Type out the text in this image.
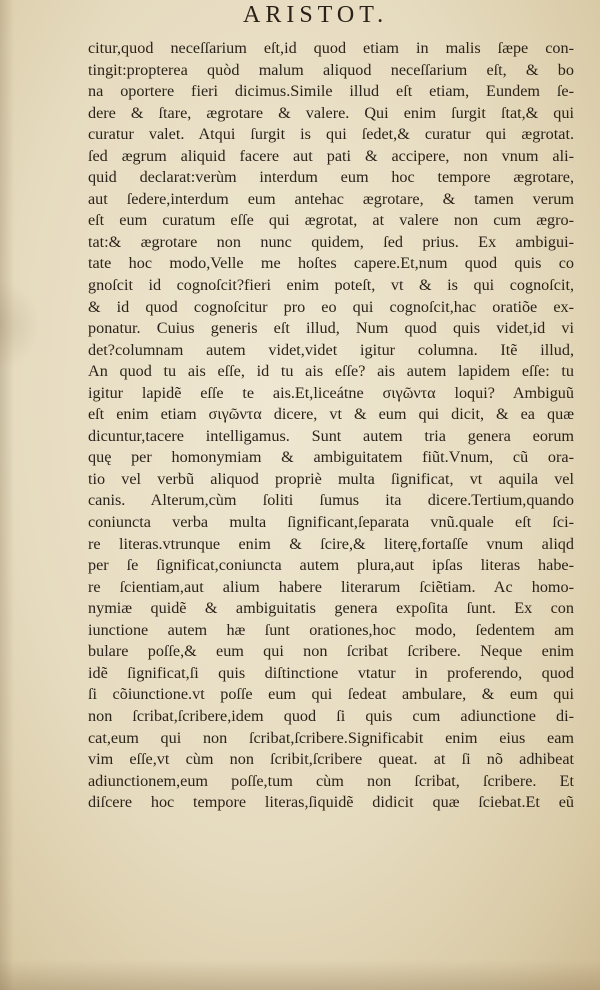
ARISTOT.
citur,quod neceſſarium eſt,id quod etiam in malis ſæpe con-
tingit:propterea quòd malum aliquod neceſſarium eſt, & bo
na oportere fieri dicimus.Simile illud eſt etiam, Eundem ſe-
dere & ſtare, ægrotare & valere. Qui enim ſurgit ſtat,& qui
curatur valet. Atqui ſurgit is qui ſedet,& curatur qui ægrotat.
ſed ægrum aliquid facere aut pati & accipere, non vnum ali-
quid declarat:verùm interdum eum hoc tempore ægrotare,
aut ſedere,interdum eum antehac ægrotare, & tamen verum
eſt eum curatum eſſe qui ægrotat, at valere non cum ægro-
tat:& ægrotare non nunc quidem, ſed prius. Ex ambigui-
tate hoc modo,Velle me hoſtes capere.Et,num quod quis co
gnoſcit id cognoſcit?fieri enim poteſt, vt & is qui cognoſcit,
& id quod cognoſcitur pro eo qui cognoſcit,hac oratiõe ex-
ponatur. Cuius generis eſt illud, Num quod quis videt,id vi
det?columnam autem videt,videt igitur columna. Itẽ illud,
An quod tu ais eſſe, id tu ais eſſe? ais autem lapidem eſſe: tu
igitur lapidẽ eſſe te ais.Et,liceátne σιγῶντα loqui? Ambiguũ
eſt enim etiam σιγῶντα dicere, vt & eum qui dicit, & ea quæ
dicuntur,tacere intelligamus. Sunt autem tria genera eorum
quę per homonymiam & ambiguitatem fiũt.Vnum, cũ ora-
tio vel verbũ aliquod propriè multa ſignificat, vt aquila vel
canis. Alterum,cùm ſoliti ſumus ita dicere.Tertium,quando
coniuncta verba multa ſignificant,ſeparata vnũ.quale eſt ſci-
re literas.vtrunque enim & ſcire,& literę,fortaſſe vnum aliqd
per ſe ſignificat,coniuncta autem plura,aut ipſas literas habe-
re ſcientiam,aut alium habere literarum ſciẽtiam. Ac homo-
nymiæ quidẽ & ambiguitatis genera expoſita ſunt. Ex con
iunctione autem hæ ſunt orationes,hoc modo, ſedentem am
bulare poſſe,& eum qui non ſcribat ſcribere. Neque enim
idẽ ſignificat,ſi quis diſtinctione vtatur in proferendo, quod
ſi cõiunctione.vt poſſe eum qui ſedeat ambulare, & eum qui
non ſcribat,ſcribere,idem quod ſi quis cum adiunctione di-
cat,eum qui non ſcribat,ſcribere.Significabit enim eius eam
vim eſſe,vt cùm non ſcribit,ſcribere queat. at ſi nõ adhibeat
adiunctionem,eum poſſe,tum cùm non ſcribat, ſcribere. Et
diſcere hoc tempore literas,ſiquidẽ didicit quæ ſciebat.Et eũ
